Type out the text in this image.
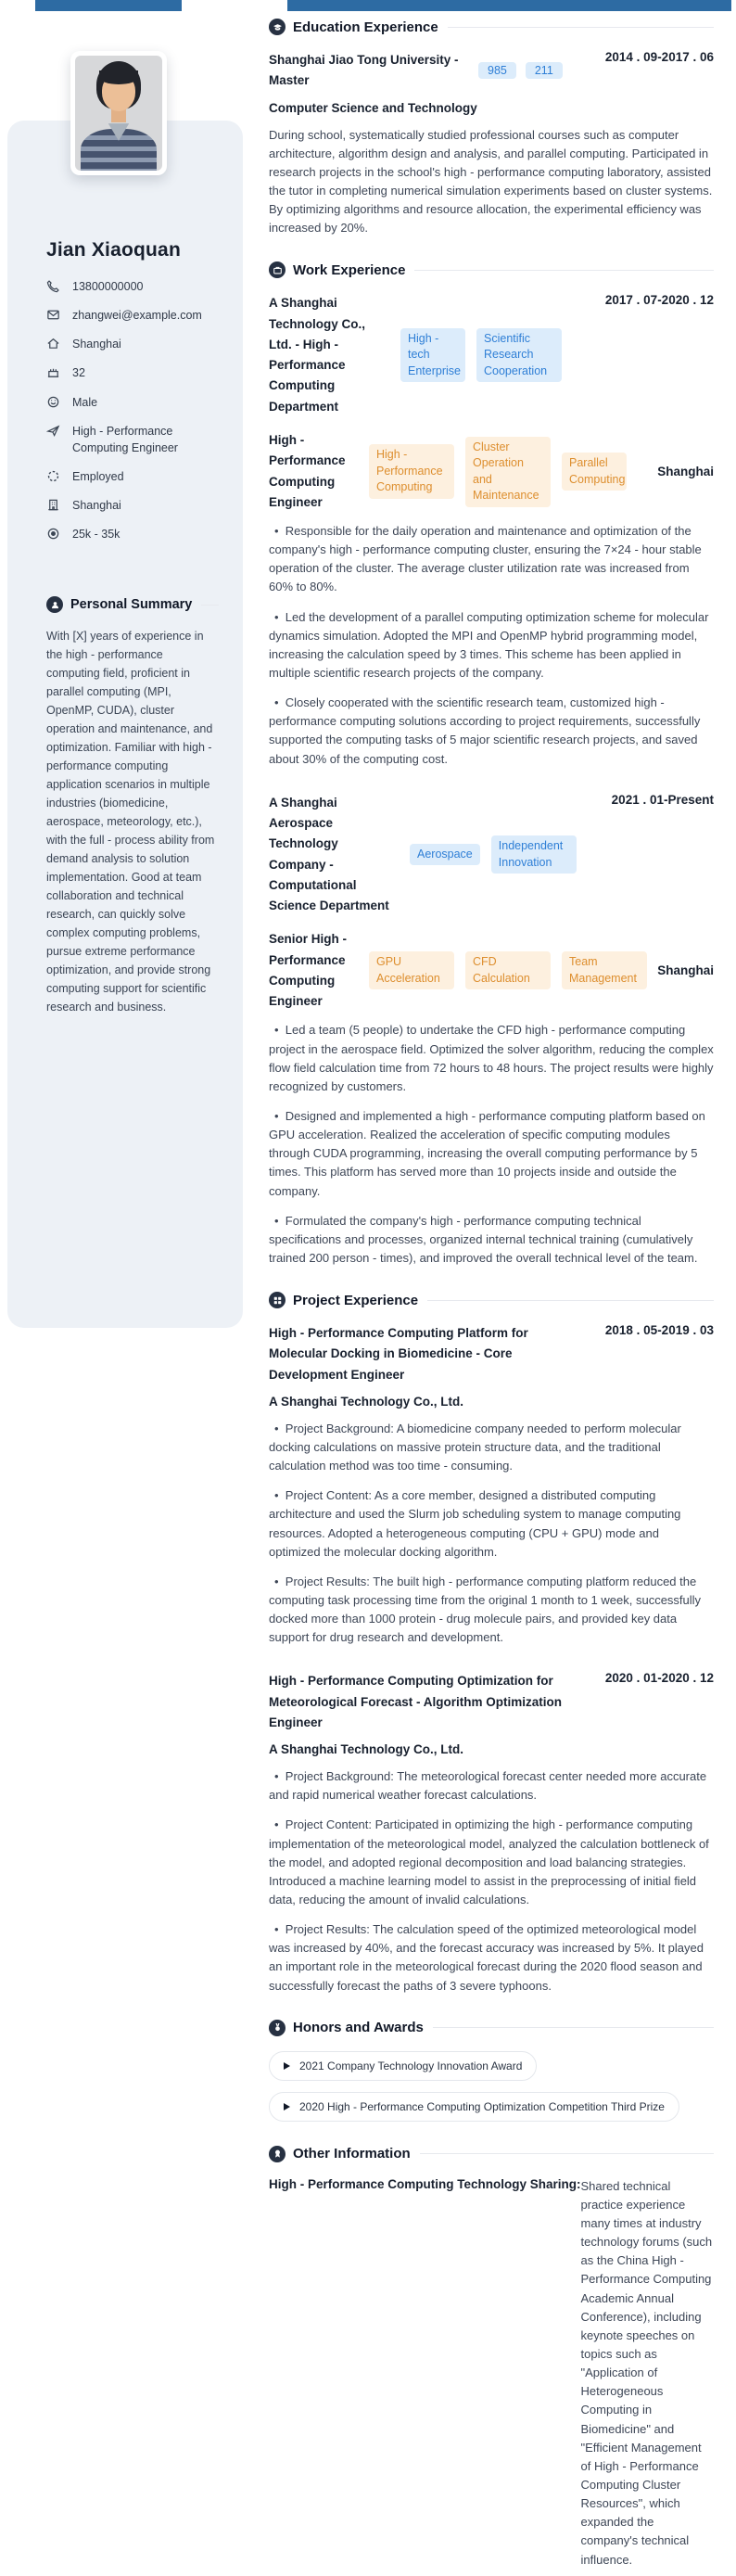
Jian Xiaoquan
13800000000
zhangwei@example.com
Shanghai
32
Male
High - Performance Computing Engineer
Employed
Shanghai
25k - 35k
Personal Summary

With [X] years of experience in the high - performance computing field, proficient in parallel computing (MPI, OpenMP, CUDA), cluster operation and maintenance, and optimization. Familiar with high - performance computing application scenarios in multiple industries (biomedicine, aerospace, meteorology, etc.), with the full - process ability from demand analysis to solution implementation. Good at team collaboration and technical research, can quickly solve complex computing problems, pursue extreme performance optimization, and provide strong computing support for scientific research and business.

Education Experience
Shanghai Jiao Tong University - Master
985	211
2014 . 09-2017 . 06
Computer Science and Technology

During school, systematically studied professional courses such as computer architecture, algorithm design and analysis, and parallel computing. Participated in research projects in the school's high - performance computing laboratory, assisted the tutor in completing numerical simulation experiments based on cluster systems. By optimizing algorithms and resource allocation, the experimental efficiency was increased by 20%.

Work Experience
A Shanghai Technology Co., Ltd. - High - Performance Computing Department
High - tech Enterprise
Scientific Research Cooperation
2017 . 07-2020 . 12
High - Performance Computing Engineer
High - Performance Computing
Cluster Operation and Maintenance
Parallel Computing
Shanghai

•  Responsible for the daily operation and maintenance and optimization of the company's high - performance computing cluster, ensuring the 7×24 - hour stable operation of the cluster. The average cluster utilization rate was increased from 60% to 80%.

•  Led the development of a parallel computing optimization scheme for molecular dynamics simulation. Adopted the MPI and OpenMP hybrid programming model, increasing the calculation speed by 3 times. This scheme has been applied in multiple scientific research projects of the company.

•  Closely cooperated with the scientific research team, customized high - performance computing solutions according to project requirements, successfully supported the computing tasks of 5 major scientific research projects, and saved about 30% of the computing cost.

A Shanghai Aerospace Technology Company - Computational Science Department
Aerospace
Independent Innovation
2021 . 01-Present
Senior High - Performance Computing Engineer
GPU Acceleration
CFD Calculation
Team Management
Shanghai

•  Led a team (5 people) to undertake the CFD high - performance computing project in the aerospace field. Optimized the solver algorithm, reducing the complex flow field calculation time from 72 hours to 48 hours. The project results were highly recognized by customers.

•  Designed and implemented a high - performance computing platform based on GPU acceleration. Realized the acceleration of specific computing modules through CUDA programming, increasing the overall computing performance by 5 times. This platform has served more than 10 projects inside and outside the company.

•  Formulated the company's high - performance computing technical specifications and processes, organized internal technical training (cumulatively trained 200 person - times), and improved the overall technical level of the team.

Project Experience
High - Performance Computing Platform for Molecular Docking in Biomedicine - Core Development Engineer
2018 . 05-2019 . 03
A Shanghai Technology Co., Ltd.

•  Project Background: A biomedicine company needed to perform molecular docking calculations on massive protein structure data, and the traditional calculation method was too time - consuming.

•  Project Content: As a core member, designed a distributed computing architecture and used the Slurm job scheduling system to manage computing resources. Adopted a heterogeneous computing (CPU + GPU) mode and optimized the molecular docking algorithm.

•  Project Results: The built high - performance computing platform reduced the computing task processing time from the original 1 month to 1 week, successfully docked more than 1000 protein - drug molecule pairs, and provided key data support for drug research and development.

High - Performance Computing Optimization for Meteorological Forecast - Algorithm Optimization Engineer
2020 . 01-2020 . 12
A Shanghai Technology Co., Ltd.

•  Project Background: The meteorological forecast center needed more accurate and rapid numerical weather forecast calculations.

•  Project Content: Participated in optimizing the high - performance computing implementation of the meteorological model, analyzed the calculation bottleneck of the model, and adopted regional decomposition and load balancing strategies. Introduced a machine learning model to assist in the preprocessing of initial field data, reducing the amount of invalid calculations.

•  Project Results: The calculation speed of the optimized meteorological model was increased by 40%, and the forecast accuracy was increased by 5%. It played an important role in the meteorological forecast during the 2020 flood season and successfully forecast the paths of 3 severe typhoons.

Honors and Awards
2021 Company Technology Innovation Award
2020 High - Performance Computing Optimization Competition Third Prize
Other Information
High - Performance Computing Technology Sharing: Shared technical practice experience many times at industry technology forums (such as the China High - Performance Computing Academic Annual Conference), including keynote speeches on topics such as "Application of Heterogeneous Computing in Biomedicine" and "Efficient Management of High - Performance Computing Cluster Resources", which expanded the company's technical influence.
